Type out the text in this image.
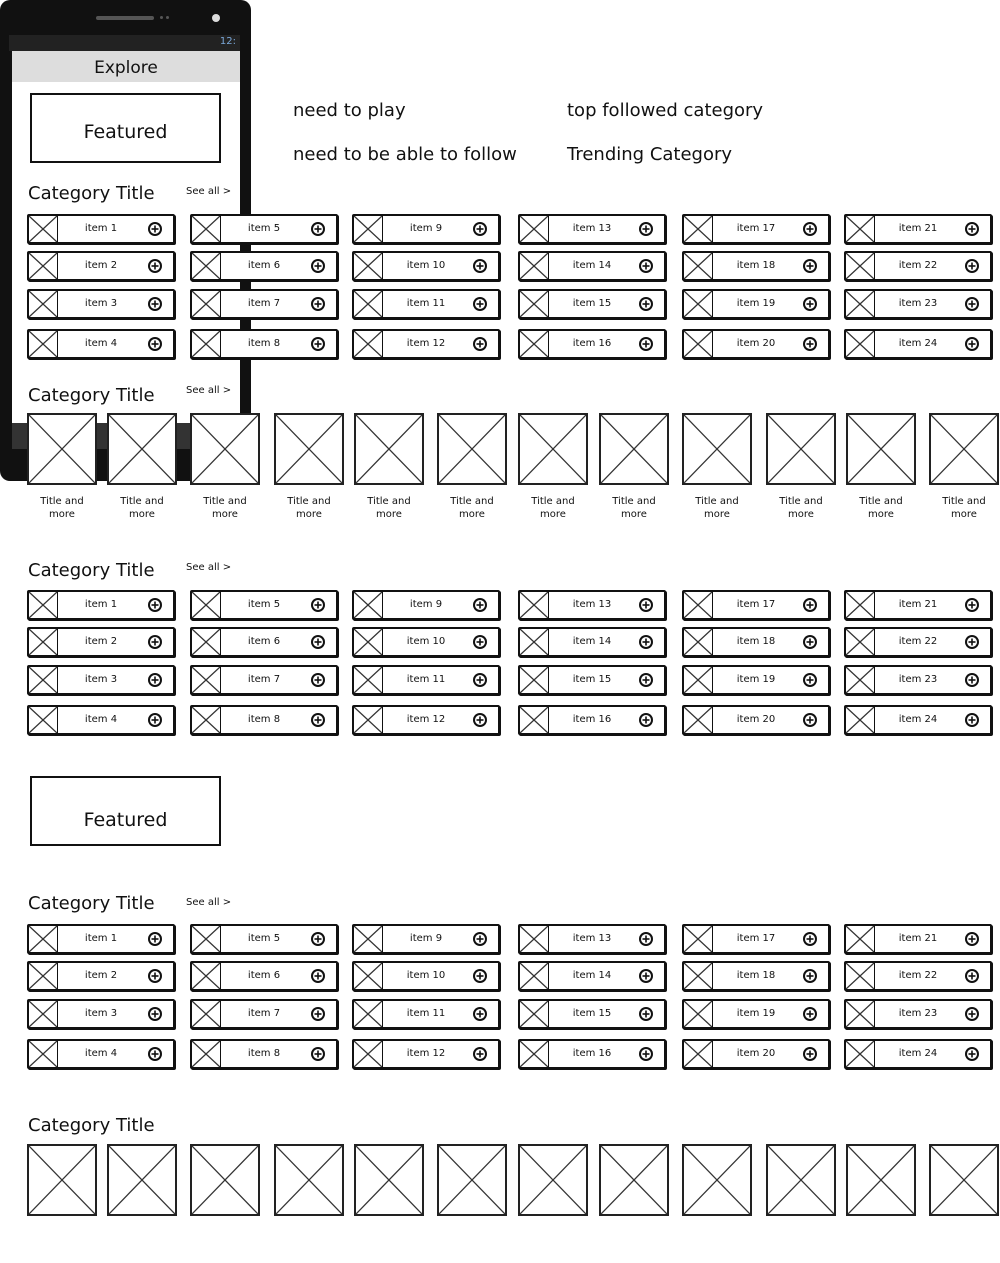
12:
Explore
need to play
need to be able to follow
top followed category
Trending Category
Featured
Featured
Category Title	See all >
Category Title	See all >
Category Title	See all >
Category Title	See all >
Category Title
item 1
item 2
item 3
item 4
item 5
item 6
item 7
item 8
item 9
item 10
item 11
item 12
item 13
item 14
item 15
item 16
item 17
item 18
item 19
item 20
item 21
item 22
item 23
item 24
item 1
item 2
item 3
item 4
item 5
item 6
item 7
item 8
item 9
item 10
item 11
item 12
item 13
item 14
item 15
item 16
item 17
item 18
item 19
item 20
item 21
item 22
item 23
item 24
item 1
item 2
item 3
item 4
item 5
item 6
item 7
item 8
item 9
item 10
item 11
item 12
item 13
item 14
item 15
item 16
item 17
item 18
item 19
item 20
item 21
item 22
item 23
item 24
Title and
more
Title and
more
Title and
more
Title and
more
Title and
more
Title and
more
Title and
more
Title and
more
Title and
more
Title and
more
Title and
more
Title and
more
